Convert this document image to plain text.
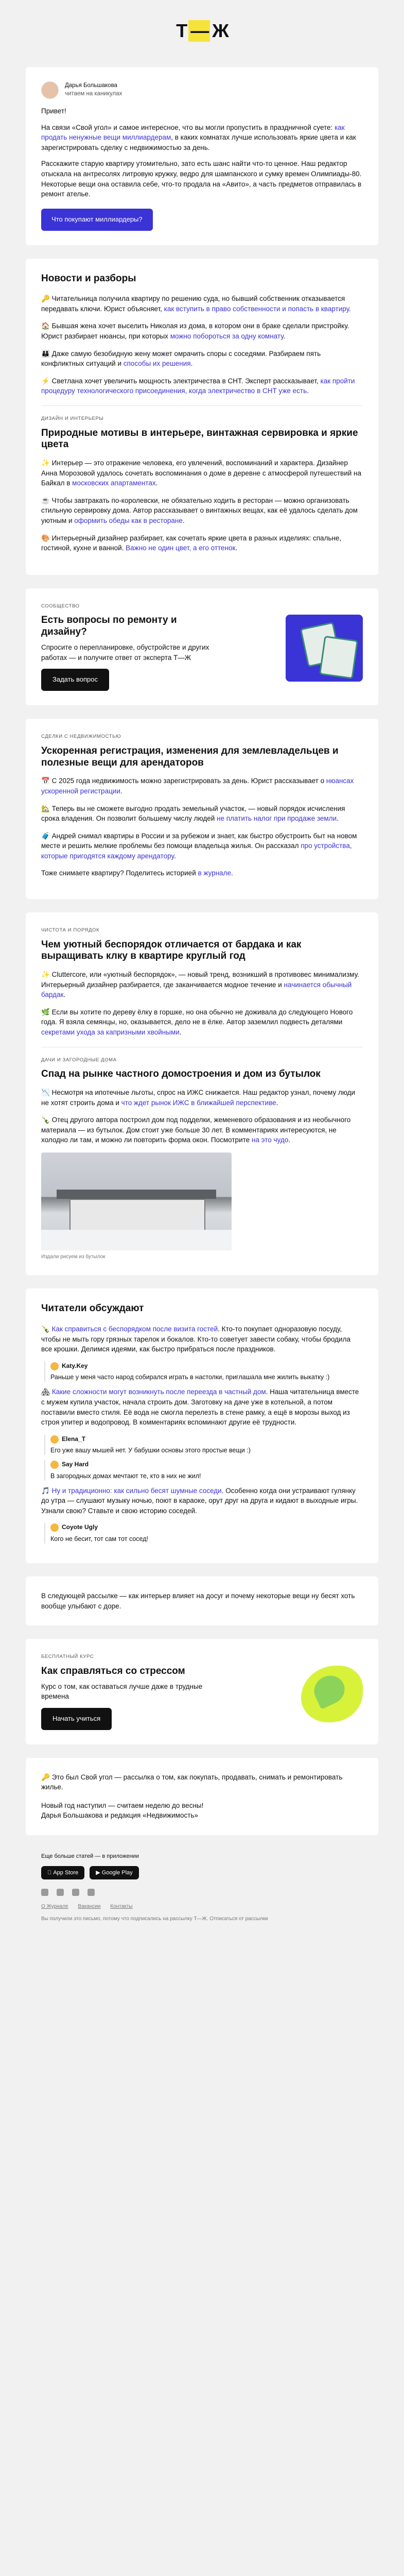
Т — Ж
Дарья Большакова
читаем на каникулах

Привет!

На связи «Свой угол» и самое интересное, что вы могли пропустить в праздничной суете: как продать ненужные вещи миллиардерам, в каких комнатах лучше использовать яркие цвета и как зарегистрировать сделку с недвижимостью за день.

Расскажите старую квартиру утомительно, зато есть шанс найти что-то ценное. Наш редактор отыскала на антресолях литровую кружку, ведро для шампанского и сумку времен Олимпиады-80. Некоторые вещи она оставила себе, что-то продала на «Авито», а часть предметов отправилась в ремонт ателье.

Что покупают миллиардеры?
Новости и разборы
🔑 Читательница получила квартиру по решению суда, но бывший собственник отказывается передавать ключи. Юрист объясняет, как вступить в право собственности и попасть в квартиру.
🏠 Бывшая жена хочет выселить Николая из дома, в котором они в браке сделали пристройку. Юрист разбирает нюансы, при которых можно побороться за одну комнату.
👪 Даже самую безобидную жену может омрачить споры с соседями. Разбираем пять конфликтных ситуаций и способы их решения.
⚡ Светлана хочет увеличить мощность электричества в СНТ. Эксперт рассказывает, как пройти процедуру технологического присоединения, когда электричество в СНТ уже есть.
ДИЗАЙН И ИНТЕРЬЕРЫ
Природные мотивы в интерьере, винтажная сервировка и яркие цвета
✨ Интерьер — это отражение человека, его увлечений, воспоминаний и характера. Дизайнер Анна Морозовой удалось сочетать воспоминания о доме в деревне с атмосферой путешествий на Байкал в московских апартаментах.
☕ Чтобы завтракать по-королевски, не обязательно ходить в ресторан — можно организовать стильную сервировку дома. Автор рассказывает о винтажных вещах, как её удалось сделать дом уютным и оформить обеды как в ресторане.
🎨 Интерьерный дизайнер разбирает, как сочетать яркие цвета в разных изделиях: спальне, гостиной, кухне и ванной. Важно не один цвет, а его оттенок.
СООБЩЕСТВО
Есть вопросы по ремонту и дизайну?

Спросите о перепланировке, обустройстве и других работах — и получите ответ от эксперта Т—Ж

Задать вопрос
СДЕЛКИ С НЕДВИЖИМОСТЬЮ
Ускоренная регистрация, изменения для землевладельцев и полезные вещи для арендаторов
📅 С 2025 года недвижимость можно зарегистрировать за день. Юрист рассказывает о нюансах ускоренной регистрации.
🏡 Теперь вы не сможете выгодно продать земельный участок, — новый порядок исчисления срока владения. Он позволит большему числу людей не платить налог при продаже земли.
🧳 Андрей снимал квартиры в России и за рубежом и знает, как быстро обустроить быт на новом месте и решить мелкие проблемы без помощи владельца жилья. Он рассказал про устройства, которые пригодятся каждому арендатору.

Тоже снимаете квартиру? Поделитесь историей в журнале.

ЧИСТОТА И ПОРЯДОК
Чем уютный беспорядок отличается от бардака и как выращивать клку в квартире круглый год
✨ Cluttercore, или «уютный беспорядок», — новый тренд, возникший в противовес минимализму. Интерьерный дизайнер разбирается, где заканчивается модное течение и начинается обычный бардак.
🌿 Если вы хотите по дереву ёлку в горшке, но она обычно не доживала до следующего Нового года. Я взяла семянцы, но, оказывается, дело не в ёлке. Автор заземлил подвесть деталями секретами ухода за капризными хвойными.
ДАЧИ И ЗАГОРОДНЫЕ ДОМА
Спад на рынке частного домостроения и дом из бутылок
📉 Несмотря на ипотечные льготы, спрос на ИЖС снижается. Наш редактор узнал, почему люди не хотят строить дома и что ждет рынок ИЖС в ближайшей перспективе.
🍾 Отец другого автора построил дом под подделки, жеменевого образования и из необычного материала — из бутылок. Дом стоит уже больше 30 лет. В комментариях интересуются, не холодно ли там, и можно ли повторить форма окон. Посмотрите на это чудо.
Издали рисуем из бутылок
Читатели обсуждают
🍾 Как справиться с беспорядком после визита гостей. Кто-то покупает одноразовую посуду, чтобы не мыть гору грязных тарелок и бокалов. Кто-то советует завести собаку, чтобы бродила все крошки. Делимся идеями, как быстро прибраться после праздников.
Katy.Key
Раньше у меня часто народ собирался играть в настолки, приглашала мне жилить выкатку :)
🏘 Какие сложности могут возникнуть после переезда в частный дом. Наша читательница вместе с мужем купила участок, начала строить дом. Заготовку на даче уже в котельной, а потом поставили вместо стиля. Её вода не смогла перелезть в стене рамку, а ещё в морозы выход из строя упитер и водопровод. В комментариях вспоминают другие её трудности.
Elena_T
Его уже вашу мышей нет. У бабушки основы этого простые вещи :)
Say Hard
В загородных домах мечтают те, кто в них не жил!
🎵 Ну и традиционно: как сильно бесят шумные соседи. Особенно когда они устраивают гулянку до утра — слушают музыку ночью, поют в караоке, орут друг на друга и кидают в выходные игры. Узнали свою? Ставьте и свою историю соседей.
Coyote Ugly
Кого не бесит, тот сам тот сосед!

В следующей рассылке — как интерьер влияет на досуг и почему некоторые вещи ну бесят хоть вообще улыбают с доре.

БЕСПЛАТНЫЙ КУРС
Как справляться со стрессом

Курс о том, как оставаться лучше даже в трудные времена

Начать учиться

🔑 Это был Свой угол — рассылка о том, как покупать, продавать, снимать и ремонтировать жилье.

Новый год наступил — считаем неделю до весны!

Дарья Большакова и редакция «Недвижимость»

Еще больше статей — в приложении
App Store	▶ Google Play
О Журнале Вакансии Контакты
Вы получили это письмо, потому что подписались на рассылку Т—Ж. Отписаться от рассылки
